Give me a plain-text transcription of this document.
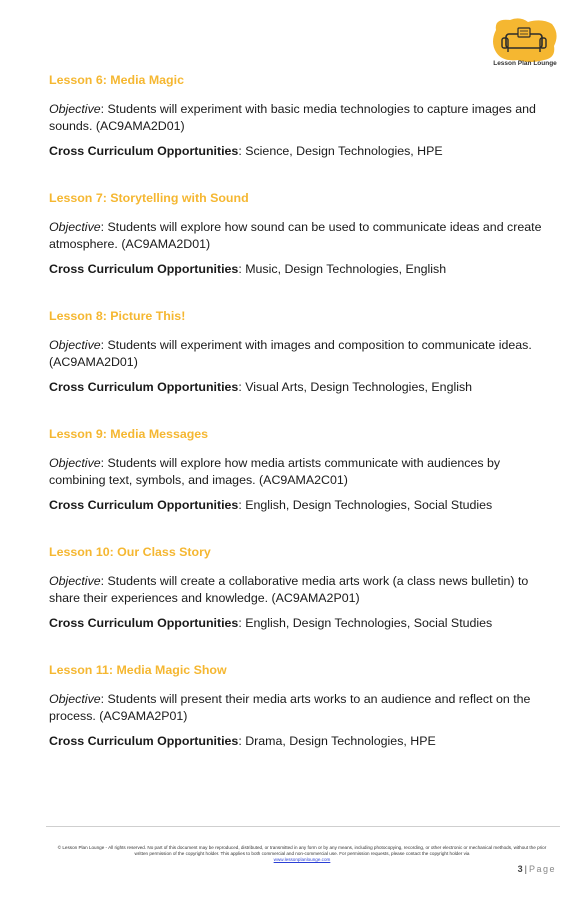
Lesson Plan Lounge

Lesson 6: Media Magic

Objective: Students will experiment with basic media technologies to capture images and sounds. (AC9AMA2D01)

Cross Curriculum Opportunities: Science, Design Technologies, HPE

Lesson 7: Storytelling with Sound

Objective: Students will explore how sound can be used to communicate ideas and create atmosphere. (AC9AMA2D01)

Cross Curriculum Opportunities: Music, Design Technologies, English

Lesson 8: Picture This!

Objective: Students will experiment with images and composition to communicate ideas. (AC9AMA2D01)

Cross Curriculum Opportunities: Visual Arts, Design Technologies, English

Lesson 9: Media Messages

Objective: Students will explore how media artists communicate with audiences by combining text, symbols, and images. (AC9AMA2C01)

Cross Curriculum Opportunities: English, Design Technologies, Social Studies

Lesson 10: Our Class Story

Objective: Students will create a collaborative media arts work (a class news bulletin) to share their experiences and knowledge. (AC9AMA2P01)

Cross Curriculum Opportunities: English, Design Technologies, Social Studies

Lesson 11: Media Magic Show

Objective: Students will present their media arts works to an audience and reflect on the process. (AC9AMA2P01)

Cross Curriculum Opportunities: Drama, Design Technologies, HPE

© Lesson Plan Lounge - All rights reserved. No part of this document may be reproduced, distributed, or transmitted in any form or by any means, including photocopying, recording, or other electronic or mechanical methods, without the prior written permission of the copyright holder. This applies to both commercial and non-commercial use. For permission requests, please contact the copyright holder via
www.lessonplanlounge.com
3 | Page
